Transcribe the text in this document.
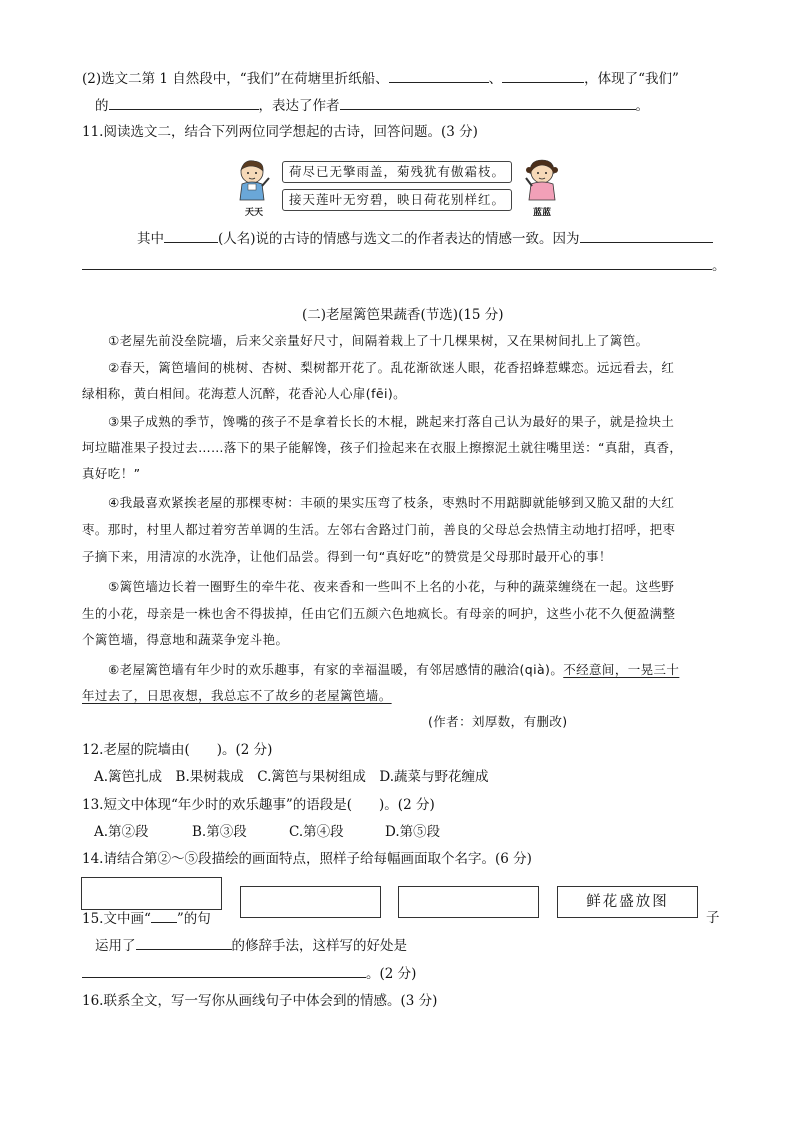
(2)选文二第 1 自然段中，“我们”在荷塘里折纸船、	、	，体现了“我们”
的	，表达了作者	。
11.阅读选文二，结合下列两位同学想起的古诗，回答问题。(3 分)
天天
荷尽已无擎雨盖，菊残犹有傲霜枝。
接天莲叶无穷碧，映日荷花别样红。
蓝蓝
其中	(人名)说的古诗的情感与选文二的作者表达的情感一致。因为
。
(二)老屋篱笆果蔬香(节选)(15 分)
①老屋先前没垒院墙，后来父亲量好尺寸，间隔着栽上了十几棵果树，又在果树间扎上了篱笆。
②春天，篱笆墙间的桃树、杏树、梨树都开花了。乱花渐欲迷人眼，花香招蜂惹蝶恋。远远看去，红
绿相称，黄白相间。花海惹人沉醉，花香沁人心扉(fēi)。
③果子成熟的季节，馋嘴的孩子不是拿着长长的木棍，跳起来打落自己认为最好的果子，就是捡块土
坷垃瞄准果子投过去……落下的果子能解馋，孩子们捡起来在衣服上擦擦泥土就往嘴里送：“真甜，真香，
真好吃！”
④我最喜欢紧挨老屋的那棵枣树：丰硕的果实压弯了枝条，枣熟时不用踮脚就能够到又脆又甜的大红
枣。那时，村里人都过着穷苦单调的生活。左邻右舍路过门前，善良的父母总会热情主动地打招呼，把枣
子摘下来，用清凉的水洗净，让他们品尝。得到一句“真好吃”的赞赏是父母那时最开心的事！
⑤篱笆墙边长着一圈野生的牵牛花、夜来香和一些叫不上名的小花，与种的蔬菜缠绕在一起。这些野
生的小花，母亲是一株也舍不得拔掉，任由它们五颜六色地疯长。有母亲的呵护，这些小花不久便盈满整
个篱笆墙，得意地和蔬菜争宠斗艳。
⑥老屋篱笆墙有年少时的欢乐趣事，有家的幸福温暖，有邻居感情的融洽(qià)。不经意间，一晃三十
年过去了，日思夜想，我总忘不了故乡的老屋篱笆墙。
(作者：刘厚数，有删改)
12.老屋的院墙由(　　)。(2 分)
A.篱笆扎成　B.果树栽成　C.篱笆与果树组成　D.蔬菜与野花缠成
13.短文中体现“年少时的欢乐趣事”的语段是(　　)。(2 分)
A.第②段	B.第③段	C.第④段	D.第⑤段
14.请结合第②～⑤段描绘的画面特点，照样子给每幅画面取个名字。(6 分)
鲜花盛放图
15.文中画“ ”的句	子
运用了	的修辞手法，这样写的好处是
。(2 分)
16.联系全文，写一写你从画线句子中体会到的情感。(3 分)
